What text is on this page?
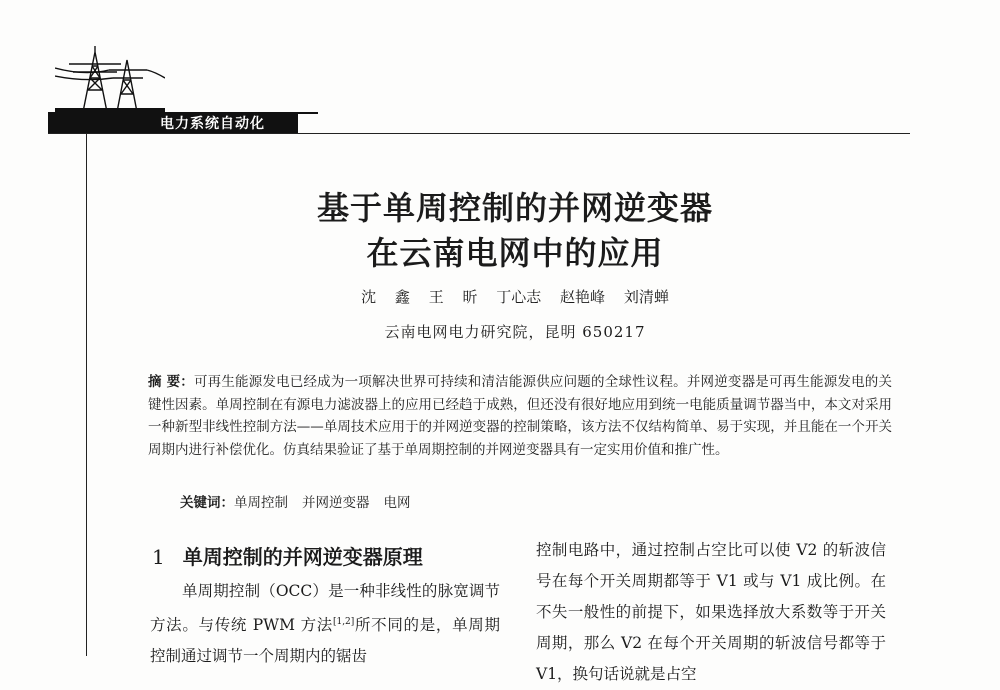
电力系统自动化
基于单周控制的并网逆变器
在云南电网中的应用
沈 鑫 王 昕 丁心志 赵艳峰 刘清蝉
云南电网电力研究院，昆明 650217
摘 要：可再生能源发电已经成为一项解决世界可持续和清洁能源供应问题的全球性议程。并网逆变器是可再生能源发电的关键性因素。单周控制在有源电力滤波器上的应用已经趋于成熟，但还没有很好地应用到统一电能质量调节器当中，本文对采用一种新型非线性控制方法——单周技术应用于的并网逆变器的控制策略，该方法不仅结构简单、易于实现，并且能在一个开关周期内进行补偿优化。仿真结果验证了基于单周期控制的并网逆变器具有一定实用价值和推广性。
关键词：单周控制 并网逆变器 电网
1 单周控制的并网逆变器原理

单周期控制（OCC）是一种非线性的脉宽调节方法。与传统 PWM 方法[1,2]所不同的是，单周期控制通过调节一个周期内的锯齿

控制电路中，通过控制占空比可以使 V2 的斩波信号在每个开关周期都等于 V1 或与 V1 成比例。在不失一般性的前提下，如果选择放大系数等于开关周期，那么 V2 在每个开关周期的斩波信号都等于 V1，换句话说就是占空
